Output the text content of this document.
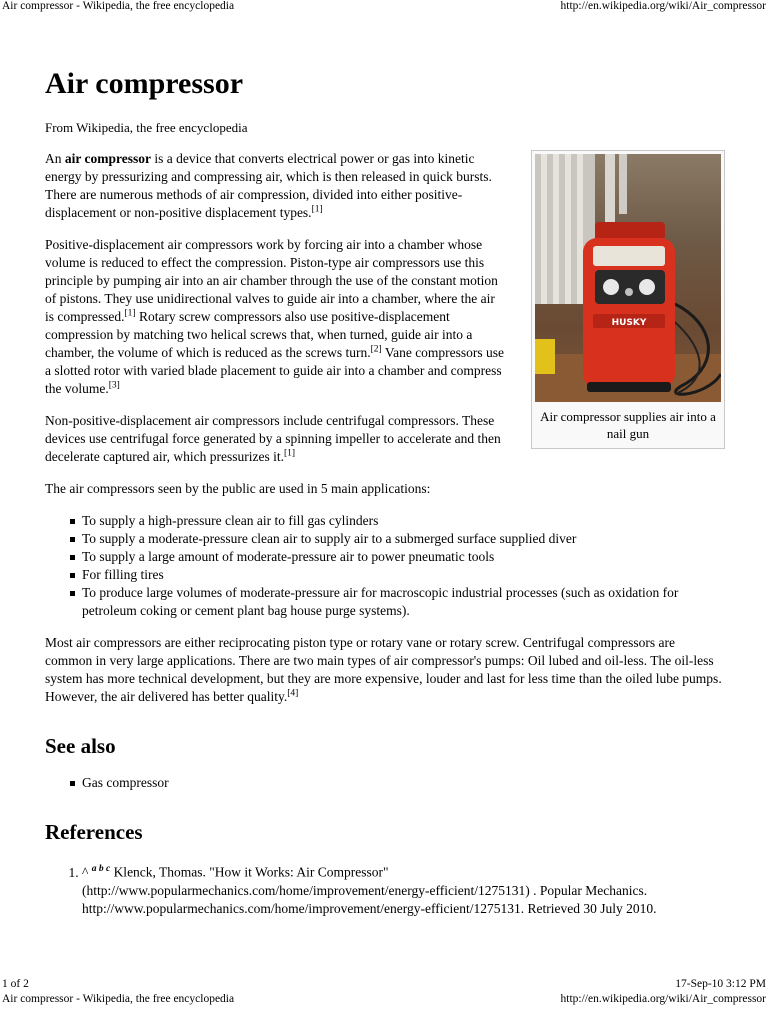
Air compressor - Wikipedia, the free encyclopedia	http://en.wikipedia.org/wiki/Air_compressor
Air compressor
From Wikipedia, the free encyclopedia
HUSKY
Air compressor supplies air into a nail gun

An air compressor is a device that converts electrical power or gas into kinetic energy by pressurizing and compressing air, which is then released in quick bursts. There are numerous methods of air compression, divided into either positive-displacement or non-positive displacement types.[1]

Positive-displacement air compressors work by forcing air into a chamber whose volume is reduced to effect the compression. Piston-type air compressors use this principle by pumping air into an air chamber through the use of the constant motion of pistons. They use unidirectional valves to guide air into a chamber, where the air is compressed.[1] Rotary screw compressors also use positive-displacement compression by matching two helical screws that, when turned, guide air into a chamber, the volume of which is reduced as the screws turn.[2] Vane compressors use a slotted rotor with varied blade placement to guide air into a chamber and compress the volume.[3]

Non-positive-displacement air compressors include centrifugal compressors. These devices use centrifugal force generated by a spinning impeller to accelerate and then decelerate captured air, which pressurizes it.[1]

The air compressors seen by the public are used in 5 main applications:

To supply a high-pressure clean air to fill gas cylinders
To supply a moderate-pressure clean air to supply air to a submerged surface supplied diver
To supply a large amount of moderate-pressure air to power pneumatic tools
For filling tires
To produce large volumes of moderate-pressure air for macroscopic industrial processes (such as oxidation for petroleum coking or cement plant bag house purge systems).

Most air compressors are either reciprocating piston type or rotary vane or rotary screw. Centrifugal compressors are common in very large applications. There are two main types of air compressor's pumps: Oil lubed and oil-less. The oil-less system has more technical development, but they are more expensive, louder and last for less time than the oiled lube pumps. However, the air delivered has better quality.[4]

See also
Gas compressor
References
1. ^ $^{a b c}$ Klenck, Thomas. "How it Works: Air Compressor" (http://www.popularmechanics.com/home/improvement/energy-efficient/1275131) . Popular Mechanics. http://www.popularmechanics.com/home/improvement/energy-efficient/1275131. Retrieved 30 July 2010.
1 of 2	17-Sep-10 3:12 PM
Air compressor - Wikipedia, the free encyclopedia	http://en.wikipedia.org/wiki/Air_compressor
